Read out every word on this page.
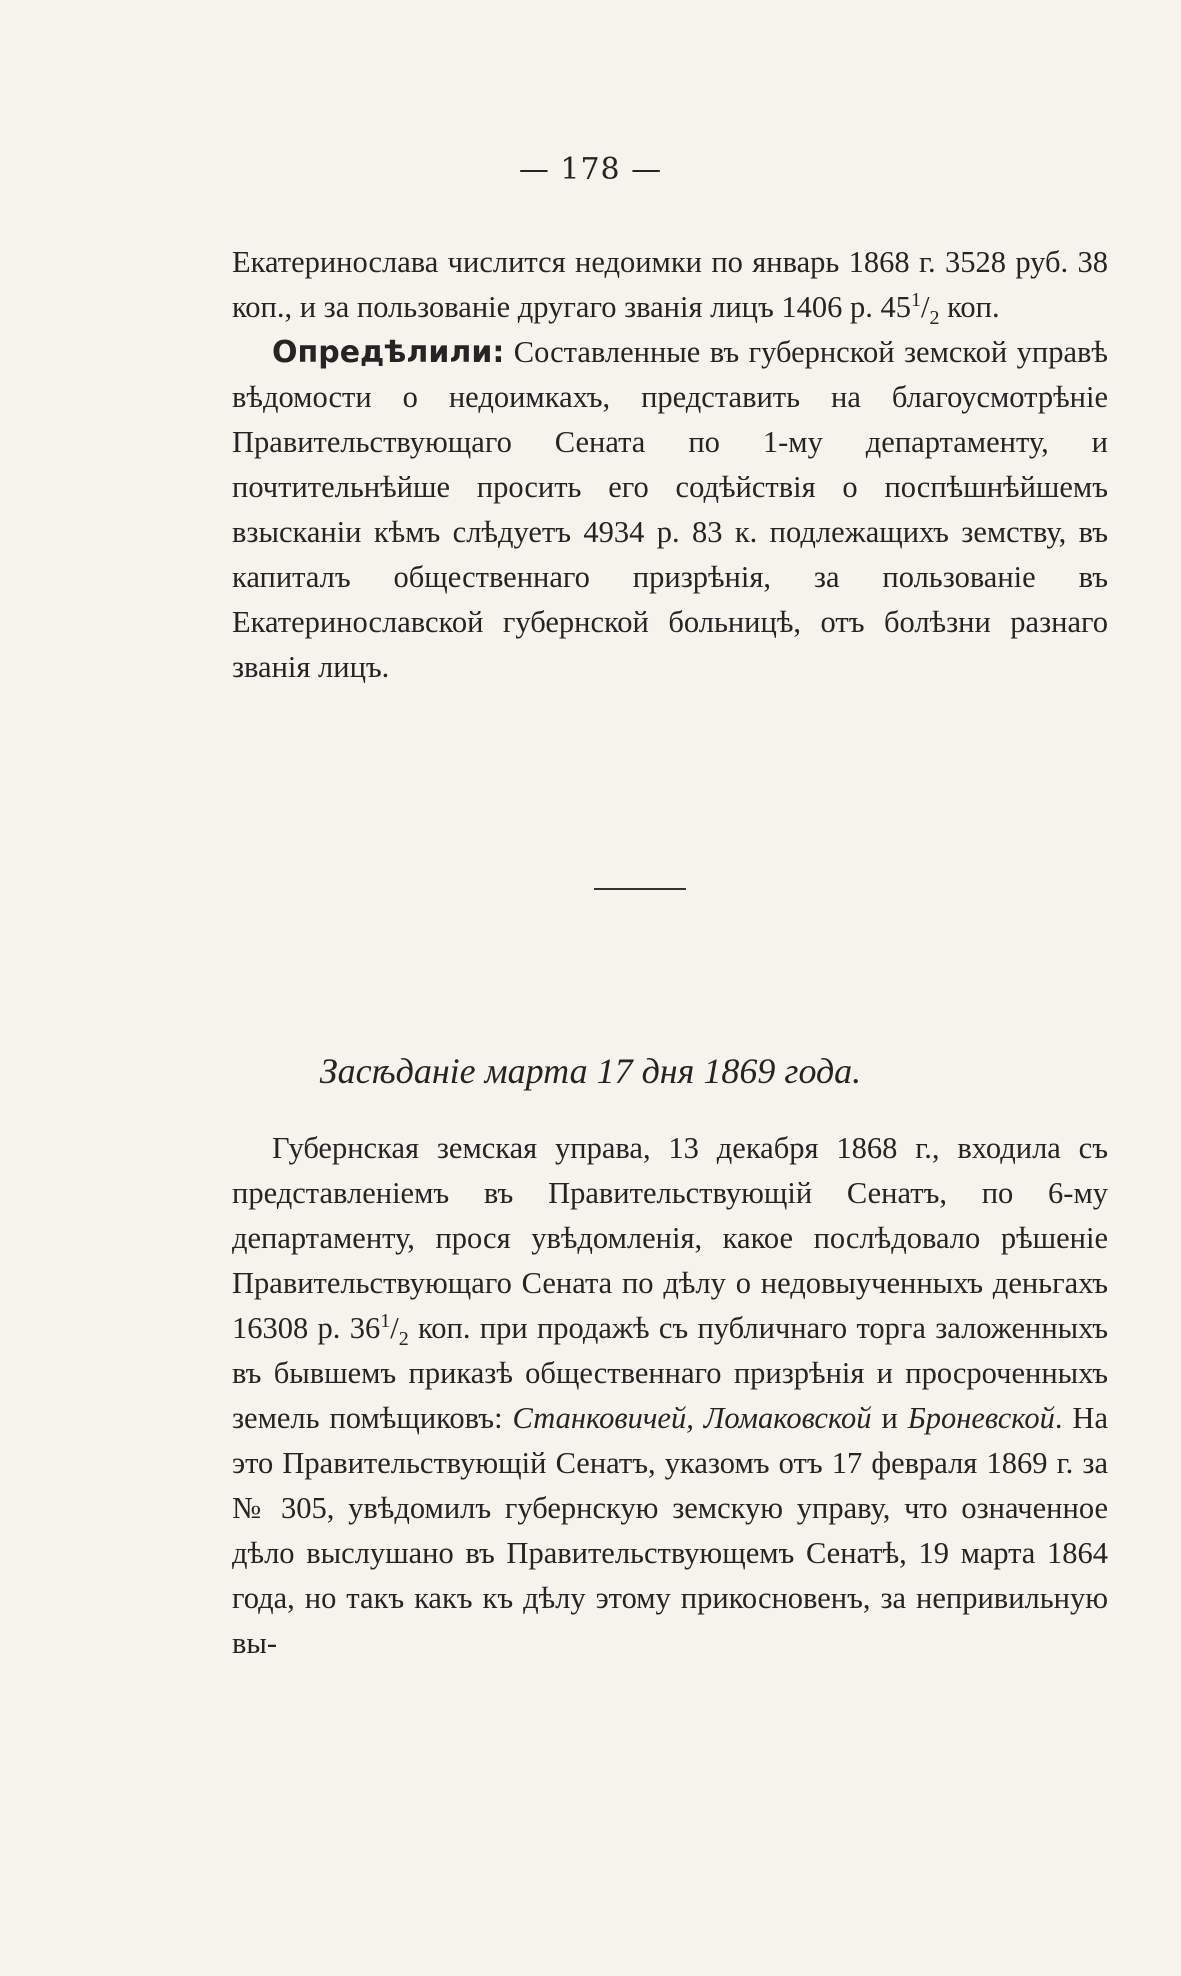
— 178 —

Екатеринослава числится недоимки по январь 1868 г. 3528 руб. 38 коп., и за пользованіе другаго званія лицъ 1406 р. $45^1/_2$ коп.

Опредѣлили: Составленные въ губернской земской управѣ вѣдомости о недоимкахъ, представить на благоусмотрѣніе Правительствующаго Сената по 1-му департаменту, и почтительнѣйше просить его содѣйствія о поспѣшнѣйшемъ взысканіи кѣмъ слѣдуетъ 4934 р. 83 к. подлежащихъ земству, въ капиталъ общественнаго призрѣнія, за пользованіе въ Екатеринославской губернской больницѣ, отъ болѣзни разнаго званія лицъ.

Засѣданіе марта 17 дня 1869 года.

Губернская земская управа, 13 декабря 1868 г., входила съ представленіемъ въ Правительствующій Сенатъ, по 6-му департаменту, прося увѣдомленія, какое послѣдовало рѣшеніе Правительствующаго Сената по дѣлу о недовыученныхъ деньгахъ 16308 р. $36^1/_2$ коп. при продажѣ съ публичнаго торга заложенныхъ въ бывшемъ приказѣ общественнаго призрѣнія и просроченныхъ земель помѣщиковъ: Станковичей, Ломаковской и Броневской. На это Правительствующій Сенатъ, указомъ отъ 17 февраля 1869 г. за № 305, увѣдомилъ губернскую земскую управу, что означенное дѣло выслушано въ Правительствующемъ Сенатѣ, 19 марта 1864 года, но такъ какъ къ дѣлу этому прикосновенъ, за непривильную вы-
